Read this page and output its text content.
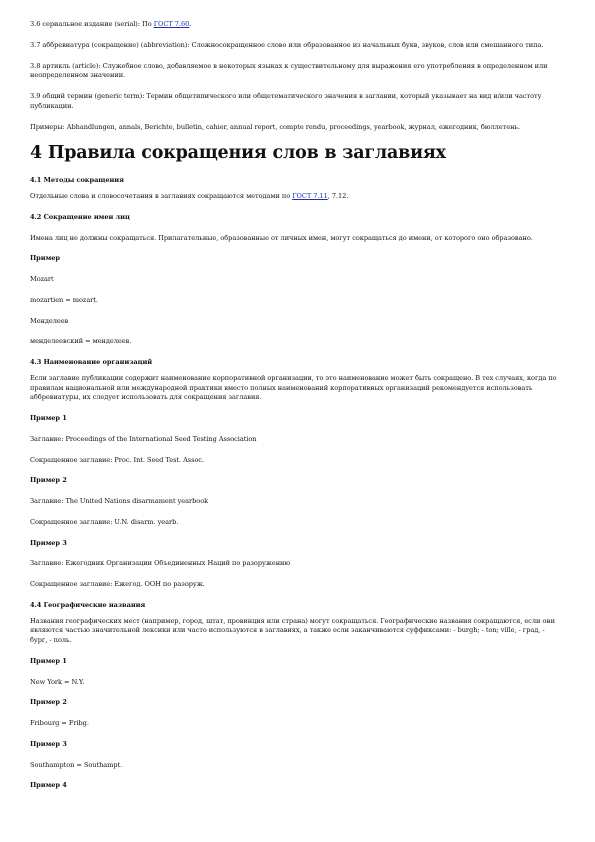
3.6 сериальное издание (serial): По ГОСТ 7.60.

3.7 аббревиатура (сокращение) (abbreviation): Сложносокращенное слово или образованное из начальных букв, звуков, слов или смешанного типа.

3.8 артикль (article): Служебное слово, добавляемое в некоторых языках к существительному для выражения его употребления в определенном или неопределенном значении.

3.9 общий термин (generic term): Термин общетипического или общетематического значения в заглавии, который указывает на вид и/или частоту публикации.

Примеры: Abhandlungen, annals, Berichte, bulletin, cahier, annual report, compte rendu, proceedings, yearbook, журнал, ежегодник, бюллетень.

4 Правила сокращения слов в заглавиях

4.1 Методы сокращения

Отдельные слова и словосочетания в заглавиях сокращаются методами по ГОСТ 7.11, 7.12.

4.2 Сокращение имен лиц

Имена лиц не должны сокращаться. Прилагательные, образованные от личных имен, могут сокращаться до имени, от которого оно образовано.

Пример

Mozart

mozartien = mozart.

Менделеев

менделеевский = менделеев.

4.3 Наименование организаций

Если заглавие публикации содержит наименование корпоративной организации, то это наименование может быть сокращено. В тех случаях, когда по правилам национальной или международной практики вместо полных наименований корпоративных организаций рекомендуется использовать аббревиатуры, их следует использовать для сокращения заглавия.

Пример 1

Заглавие: Proceedings of the International Seed Testing Association

Сокращенное заглавие: Proc. Int. Seed Test. Assoc.

Пример 2

Заглавие: The United Nations disarmament yearbook

Сокращенное заглавие: U.N. disarm. yearb.

Пример 3

Заглавие: Ежегодник Организации Объединенных Наций по разоружению

Сокращенное заглавие: Ежегод. ООН по разоруж.

4.4 Географические названия

Названия географических мест (например, город, штат, провинция или страна) могут сокращаться. Географические названия сокращаются, если они являются частью значительной лексики или часто используются в заглавиях, а также если заканчиваются суффиксами: - burgh; - ton; ville, - град, - бург, - поль.

Пример 1

New York = N.Y.

Пример 2

Fribourg = Fribg.

Пример 3

Southampton = Southampt.

Пример 4
